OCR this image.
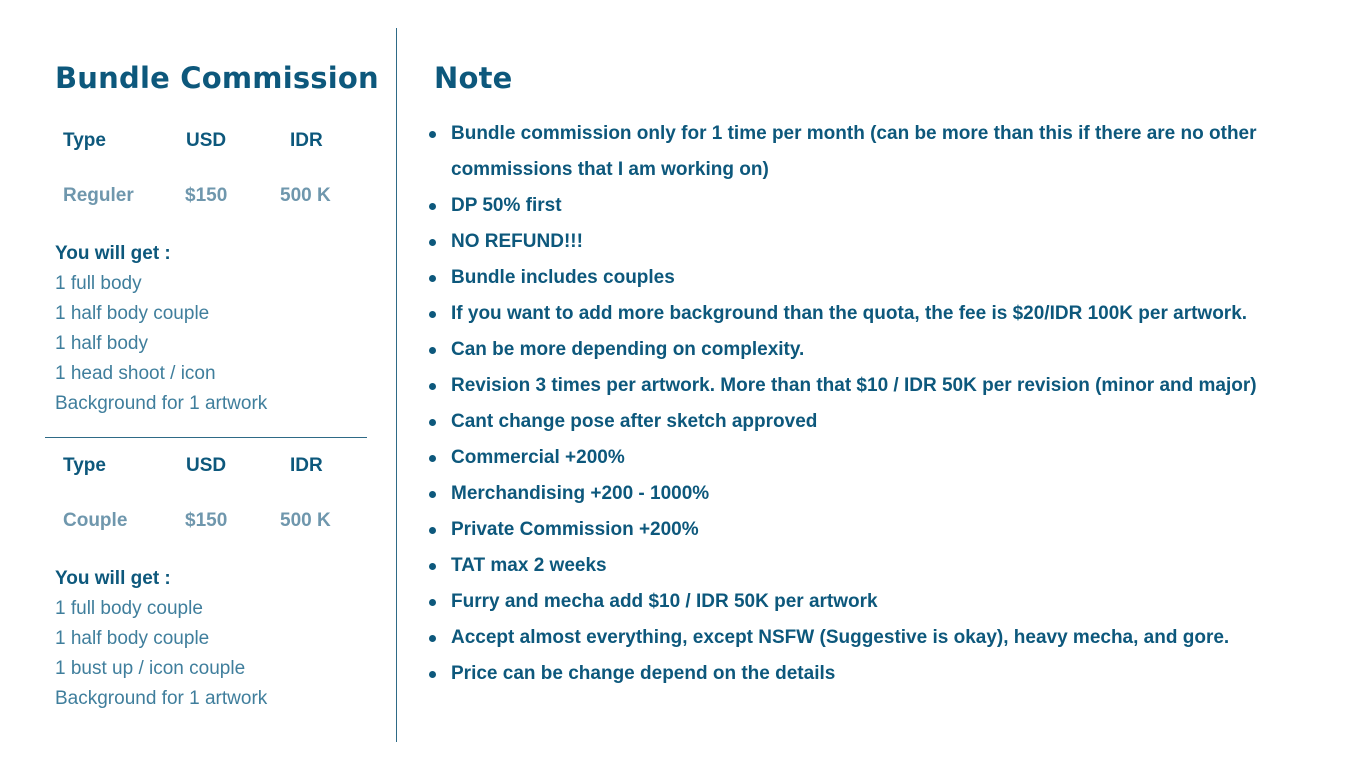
Bundle Commission
Type	USD	IDR
Reguler	$150	500 K
You will get :
1 full body
1 half body couple
1 half body
1 head shoot / icon
Background for 1 artwork
Type	USD	IDR
Couple	$150	500 K
You will get :
1 full body couple
1 half body couple
1 bust up / icon couple
Background for 1 artwork
Note
Bundle commission only for 1 time per month (can be more than this if there are no other commissions that I am working on)
DP 50% first
NO REFUND!!!
Bundle includes couples
If you want to add more background than the quota, the fee is $20/IDR 100K per artwork.
Can be more depending on complexity.
Revision 3 times per artwork. More than that $10 / IDR 50K per revision (minor and major)
Cant change pose after sketch approved
Commercial +200%
Merchandising +200 - 1000%
Private Commission +200%
TAT max 2 weeks
Furry and mecha add $10 / IDR 50K per artwork
Accept almost everything, except NSFW (Suggestive is okay), heavy mecha, and gore.
Price can be change depend on the details
